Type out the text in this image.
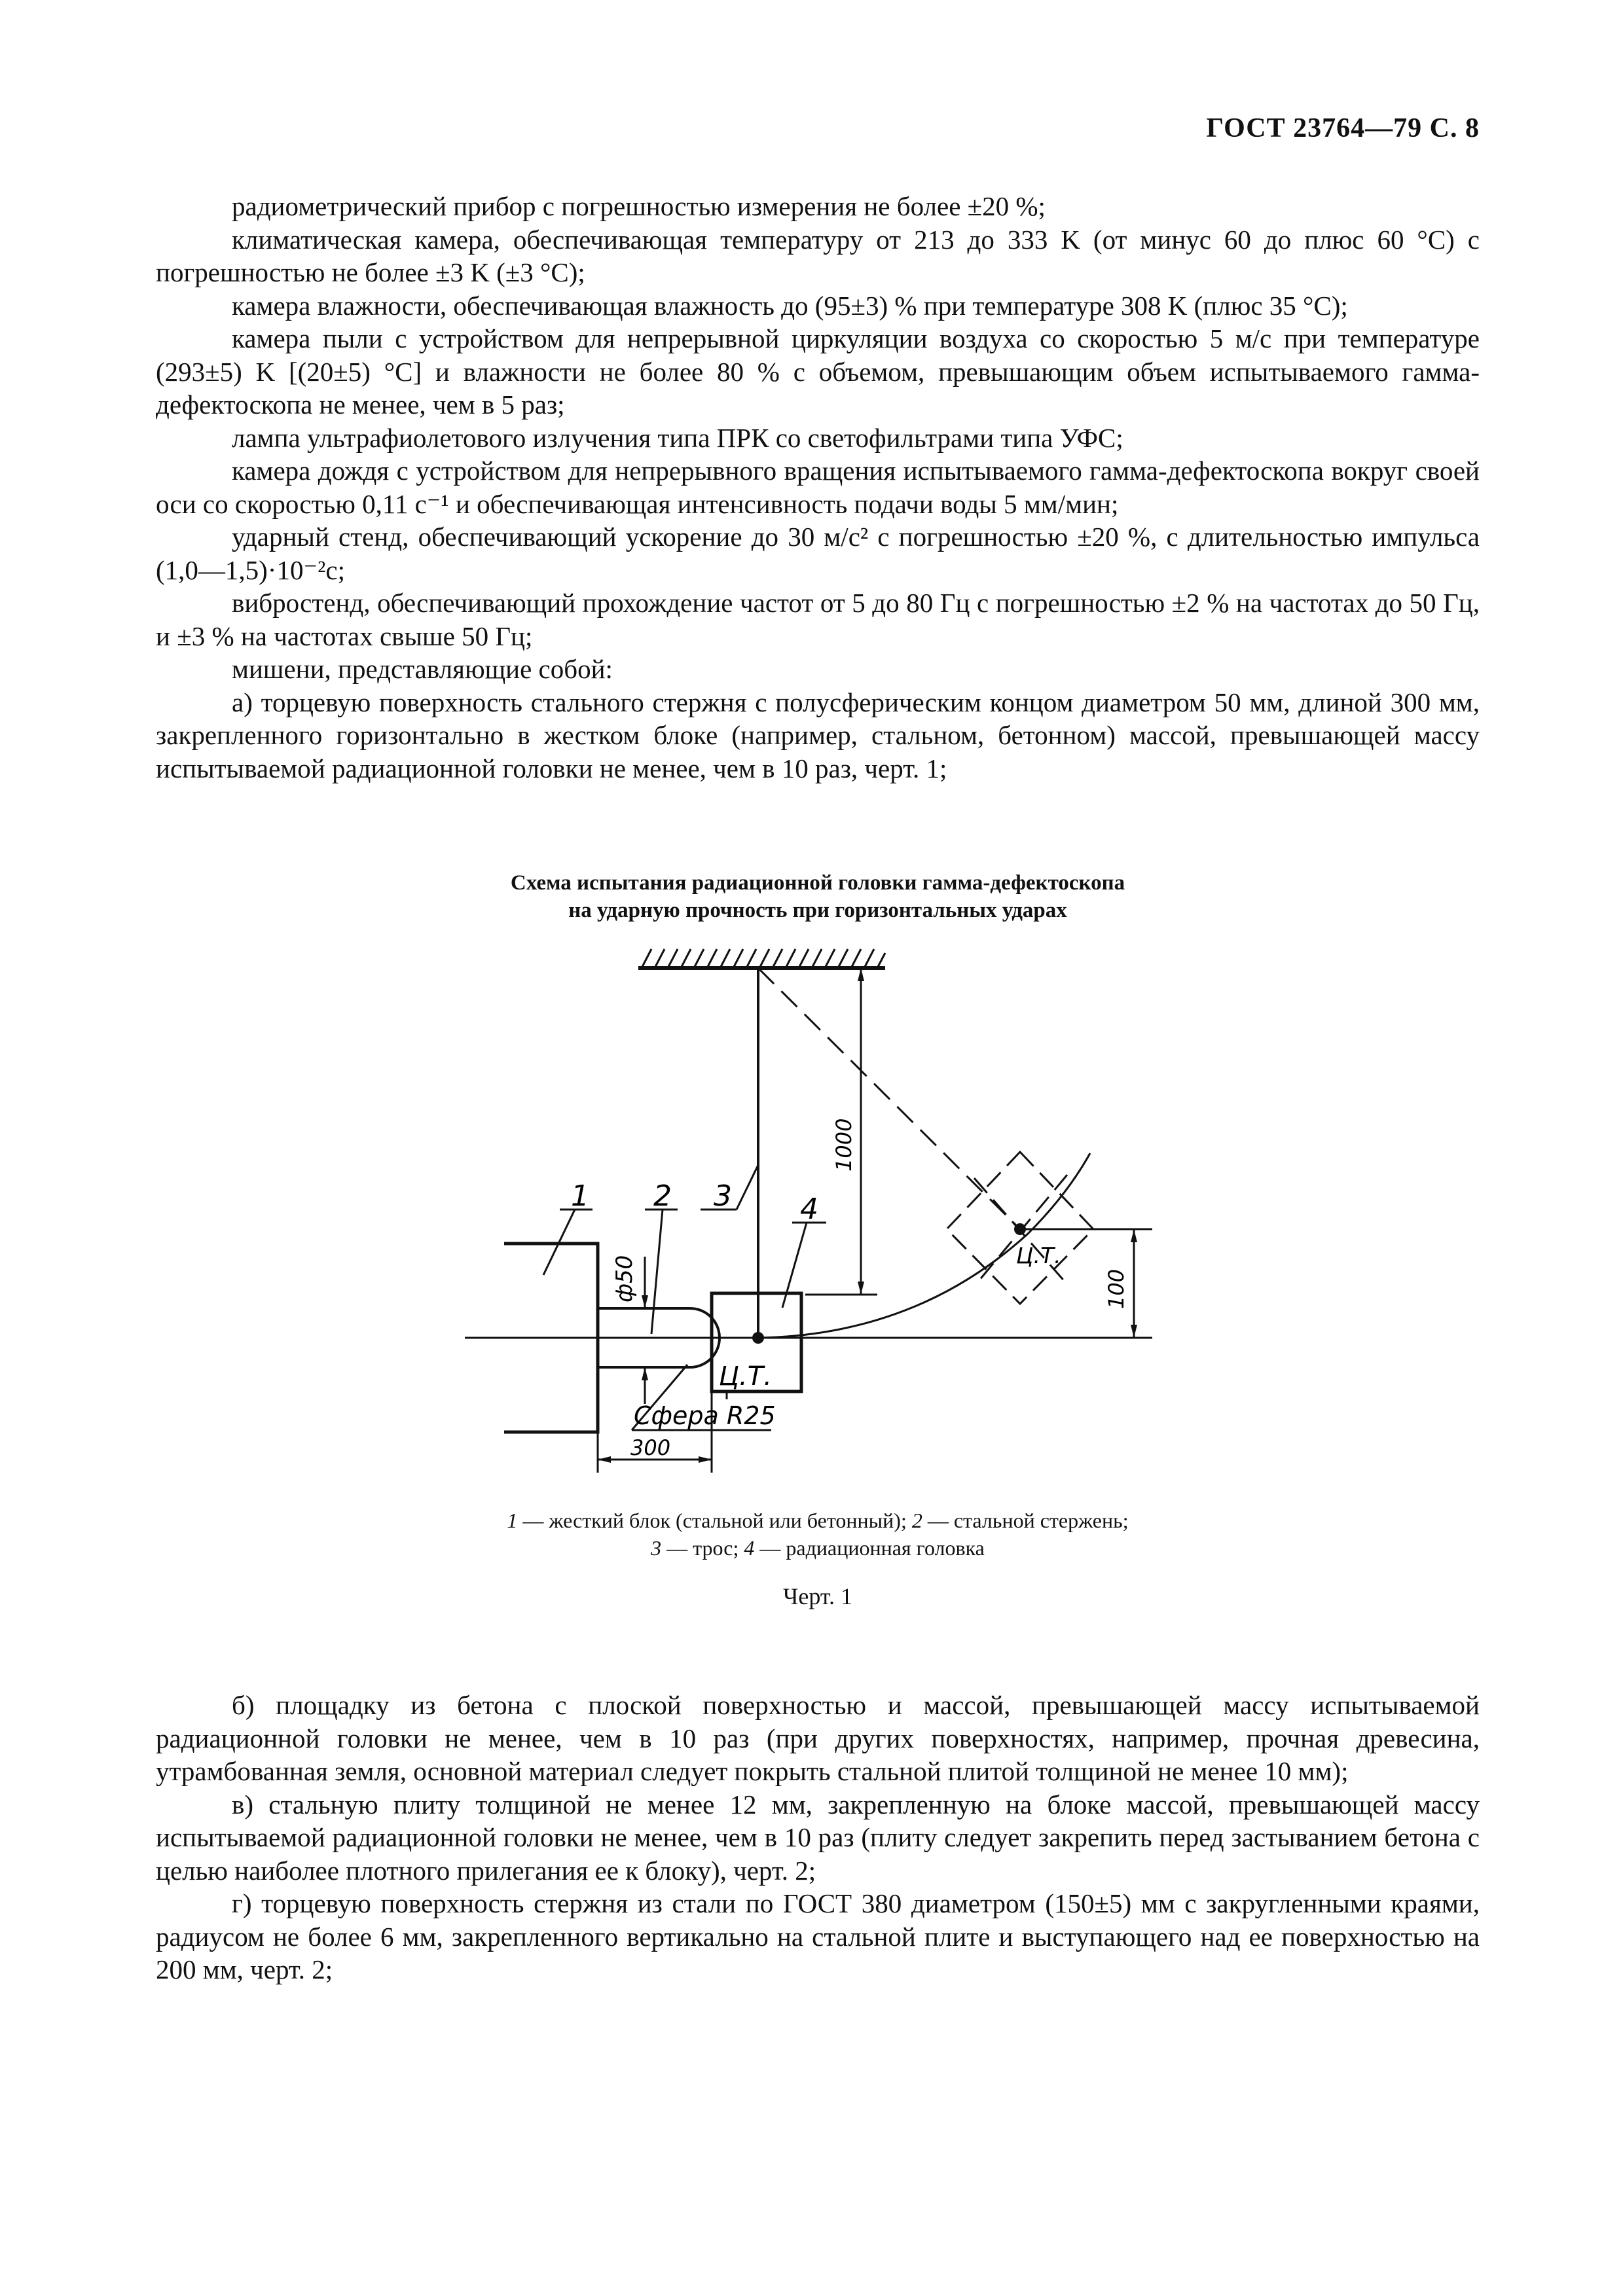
ГОСТ 23764—79 С. 8

радиометрический прибор с погрешностью измерения не более ±20 %;

климатическая камера, обеспечивающая температуру от 213 до 333 K (от минус 60 до плюс 60 °C) с погрешностью не более ±3 K (±3 °C);

камера влажности, обеспечивающая влажность до (95±3) % при температуре 308 K (плюс 35 °C);

камера пыли с устройством для непрерывной циркуляции воздуха со скоростью 5 м/с при температуре (293±5) K [(20±5) °C] и влажности не более 80 % с объемом, превышающим объем испытываемого гамма-дефектоскопа не менее, чем в 5 раз;

лампа ультрафиолетового излучения типа ПРК со светофильтрами типа УФС;

камера дождя с устройством для непрерывного вращения испытываемого гамма-дефектоскопа вокруг своей оси со скоростью 0,11 с⁻¹ и обеспечивающая интенсивность подачи воды 5 мм/мин;

ударный стенд, обеспечивающий ускорение до 30 м/с² с погрешностью ±20 %, с длительностью импульса (1,0—1,5)·10⁻²с;

вибростенд, обеспечивающий прохождение частот от 5 до 80 Гц с погрешностью ±2 % на частотах до 50 Гц, и ±3 % на частотах свыше 50 Гц;

мишени, представляющие собой:

а) торцевую поверхность стального стержня с полусферическим концом диаметром 50 мм, длиной 300 мм, закрепленного горизонтально в жестком блоке (например, стальном, бетонном) массой, превышающей массу испытываемой радиационной головки не менее, чем в 10 раз, черт. 1;

Схема испытания радиационной головки гамма-дефектоскопа
на ударную прочность при горизонтальных ударах
1 2 3 4
Ц.Т.
Ц.Т.
Сфера R25
300
1000
100
ф50
1 — жесткий блок (стальной или бетонный); 2 — стальной стержень;
3 — трос; 4 — радиационная головка
Черт. 1

б) площадку из бетона с плоской поверхностью и массой, превышающей массу испытываемой радиационной головки не менее, чем в 10 раз (при других поверхностях, например, прочная древесина, утрамбованная земля, основной материал следует покрыть стальной плитой толщиной не менее 10 мм);

в) стальную плиту толщиной не менее 12 мм, закрепленную на блоке массой, превышающей массу испытываемой радиационной головки не менее, чем в 10 раз (плиту следует закрепить перед застыванием бетона с целью наиболее плотного прилегания ее к блоку), черт. 2;

г) торцевую поверхность стержня из стали по ГОСТ 380 диаметром (150±5) мм с закругленными краями, радиусом не более 6 мм, закрепленного вертикально на стальной плите и выступающего над ее поверхностью на 200 мм, черт. 2;
